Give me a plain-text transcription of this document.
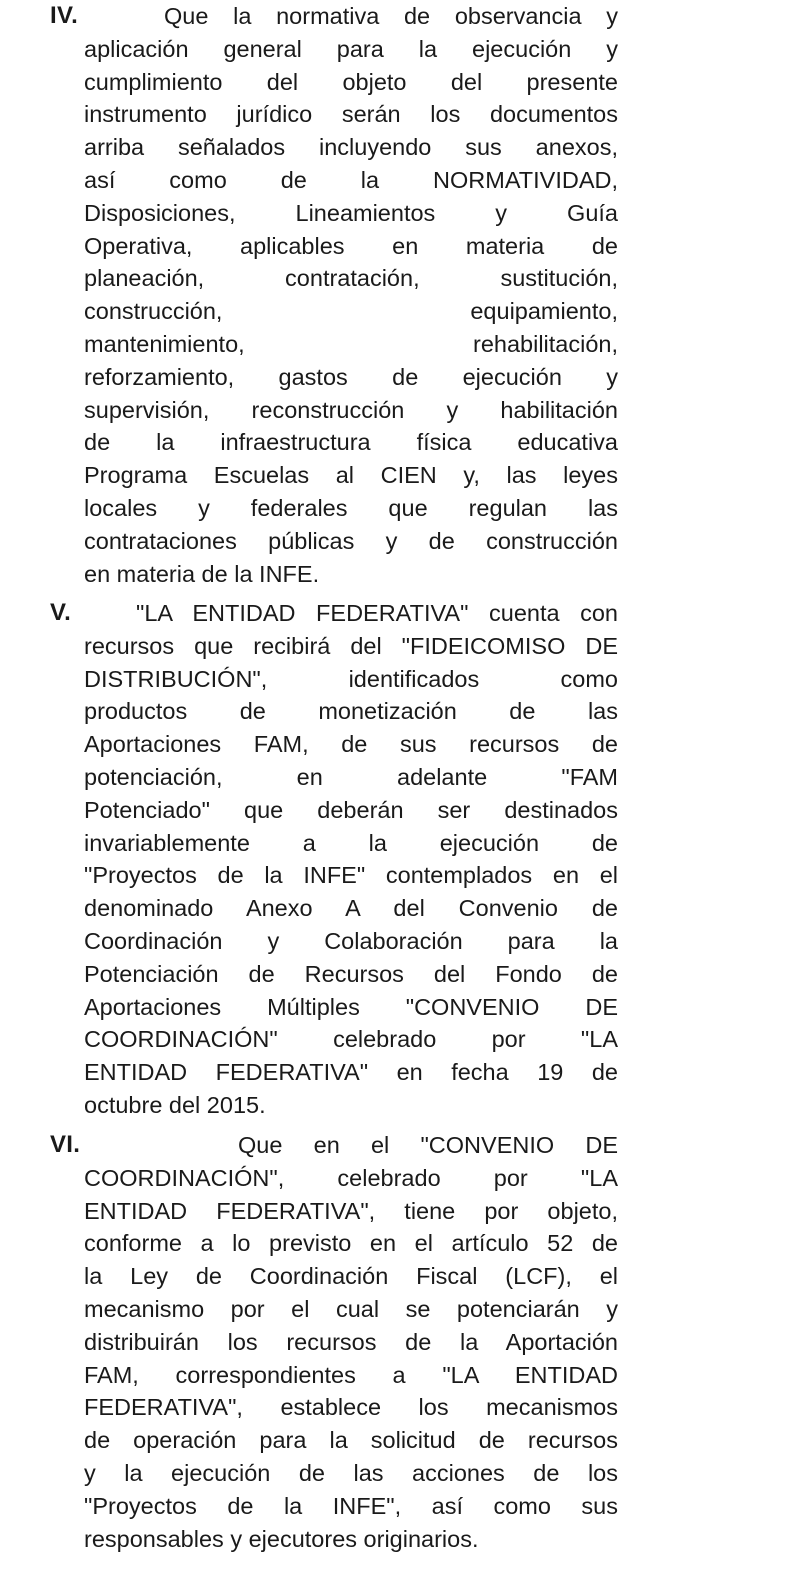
IV.	Que la normativa de observancia y
aplicación general para la ejecución y
cumplimiento del objeto del presente
instrumento jurídico serán los documentos
arriba señalados incluyendo sus anexos,
así como de la NORMATIVIDAD,
Disposiciones, Lineamientos y Guía
Operativa, aplicables en materia de
planeación, contratación, sustitución,
construcción, equipamiento,
mantenimiento, rehabilitación,
reforzamiento, gastos de ejecución y
supervisión, reconstrucción y habilitación
de la infraestructura física educativa
Programa Escuelas al CIEN y, las leyes
locales y federales que regulan las
contrataciones públicas y de construcción
en materia de la INFE.
V.	"LA ENTIDAD FEDERATIVA" cuenta con
recursos que recibirá del "FIDEICOMISO DE
DISTRIBUCIÓN", identificados como
productos de monetización de las
Aportaciones FAM, de sus recursos de
potenciación, en adelante "FAM
Potenciado" que deberán ser destinados
invariablemente a la ejecución de
"Proyectos de la INFE" contemplados en el
denominado Anexo A del Convenio de
Coordinación y Colaboración para la
Potenciación de Recursos del Fondo de
Aportaciones Múltiples "CONVENIO DE
COORDINACIÓN" celebrado por "LA
ENTIDAD FEDERATIVA" en fecha 19 de
octubre del 2015.
VI.	Que en el "CONVENIO DE
COORDINACIÓN", celebrado por "LA
ENTIDAD FEDERATIVA", tiene por objeto,
conforme a lo previsto en el artículo 52 de
la Ley de Coordinación Fiscal (LCF), el
mecanismo por el cual se potenciarán y
distribuirán los recursos de la Aportación
FAM, correspondientes a "LA ENTIDAD
FEDERATIVA", establece los mecanismos
de operación para la solicitud de recursos
y la ejecución de las acciones de los
"Proyectos de la INFE", así como sus
responsables y ejecutores originarios.
